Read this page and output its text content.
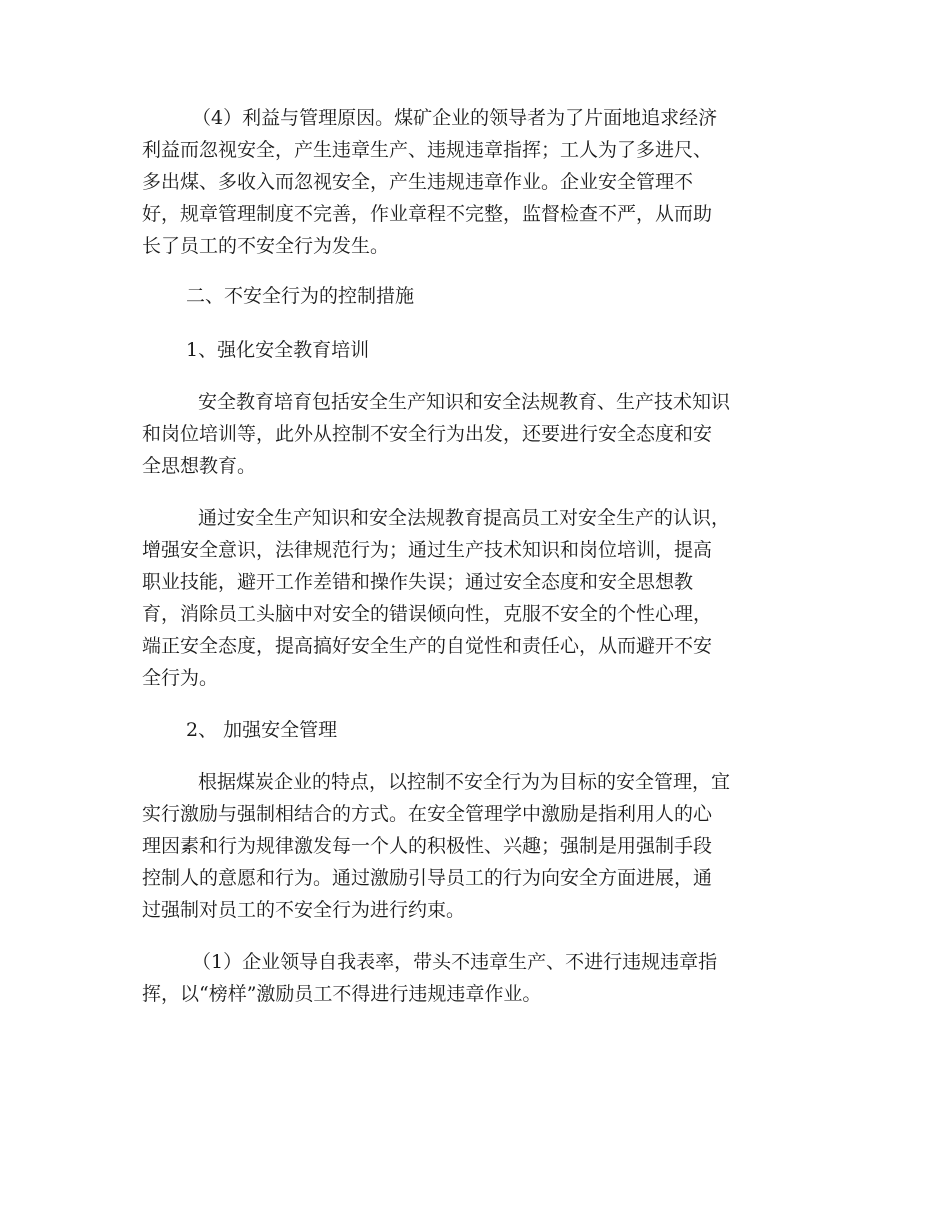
（4）利益与管理原因。煤矿企业的领导者为了片面地追求经济
利益而忽视安全，产生违章生产、违规违章指挥；工人为了多进尺、
多出煤、多收入而忽视安全，产生违规违章作业。企业安全管理不
好，规章管理制度不完善，作业章程不完整，监督检查不严，从而助
长了员工的不安全行为发生。

二、不安全行为的控制措施

1、强化安全教育培训

安全教育培育包括安全生产知识和安全法规教育、生产技术知识
和岗位培训等，此外从控制不安全行为出发，还要进行安全态度和安
全思想教育。

通过安全生产知识和安全法规教育提高员工对安全生产的认识，
增强安全意识，法律规范行为；通过生产技术知识和岗位培训，提高
职业技能，避开工作差错和操作失误；通过安全态度和安全思想教
育，消除员工头脑中对安全的错误倾向性，克服不安全的个性心理，
端正安全态度，提高搞好安全生产的自觉性和责任心，从而避开不安
全行为。

2、 加强安全管理

根据煤炭企业的特点，以控制不安全行为为目标的安全管理，宜
实行激励与强制相结合的方式。在安全管理学中激励是指利用人的心
理因素和行为规律激发每一个人的积极性、兴趣；强制是用强制手段
控制人的意愿和行为。通过激励引导员工的行为向安全方面进展，通
过强制对员工的不安全行为进行约束。

（1）企业领导自我表率，带头不违章生产、不进行违规违章指
挥，以“榜样”激励员工不得进行违规违章作业。
